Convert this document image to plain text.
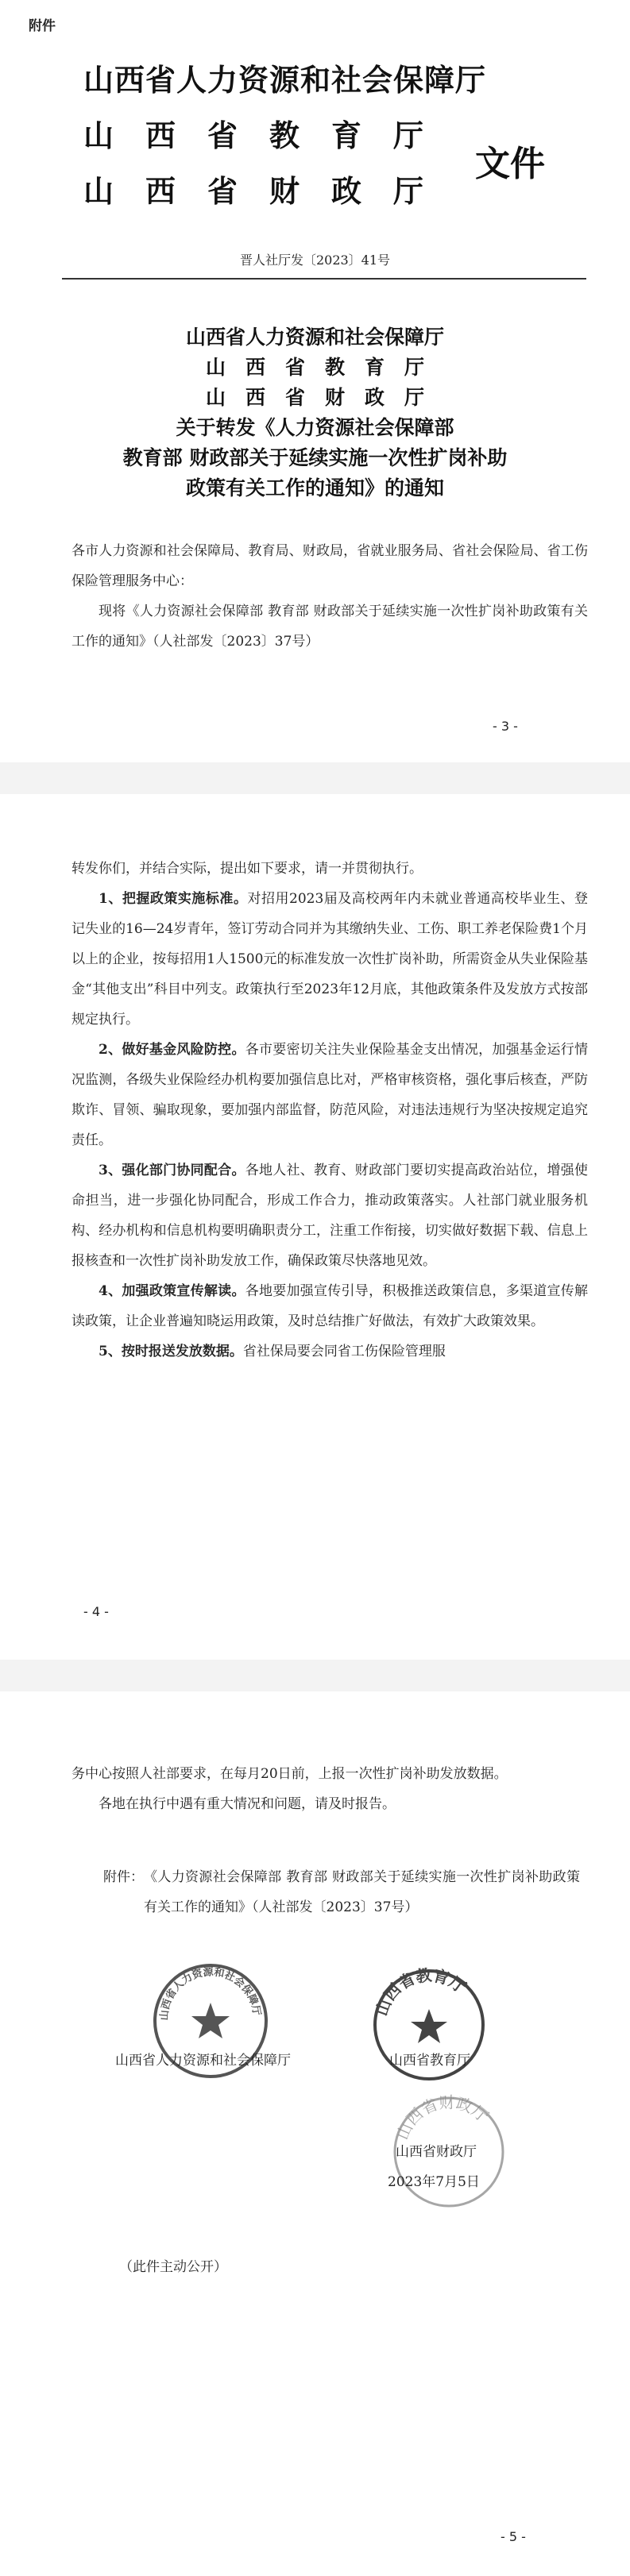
附件
山西省人力资源和社会保障厅
山　西　省　教　育　厅
山　西　省　财　政　厅
文件
晋人社厅发〔2023〕41号
山西省人力资源和社会保障厅
山　西　省　教　育　厅
山　西　省　财　政　厅
关于转发《人力资源社会保障部
教育部 财政部关于延续实施一次性扩岗补助
政策有关工作的通知》的通知

各市人力资源和社会保障局、教育局、财政局，省就业服务局、省社会保险局、省工伤保险管理服务中心：

现将《人力资源社会保障部 教育部 财政部关于延续实施一次性扩岗补助政策有关工作的通知》（人社部发〔2023〕37号）

- 3 -

转发你们，并结合实际，提出如下要求，请一并贯彻执行。

1、把握政策实施标准。对招用2023届及高校两年内未就业普通高校毕业生、登记失业的16—24岁青年，签订劳动合同并为其缴纳失业、工伤、职工养老保险费1个月以上的企业，按每招用1人1500元的标准发放一次性扩岗补助，所需资金从失业保险基金“其他支出”科目中列支。政策执行至2023年12月底，其他政策条件及发放方式按部规定执行。

2、做好基金风险防控。各市要密切关注失业保险基金支出情况，加强基金运行情况监测，各级失业保险经办机构要加强信息比对，严格审核资格，强化事后核查，严防欺诈、冒领、骗取现象，要加强内部监督，防范风险，对违法违规行为坚决按规定追究责任。

3、强化部门协同配合。各地人社、教育、财政部门要切实提高政治站位，增强使命担当，进一步强化协同配合，形成工作合力，推动政策落实。人社部门就业服务机构、经办机构和信息机构要明确职责分工，注重工作衔接，切实做好数据下载、信息上报核查和一次性扩岗补助发放工作，确保政策尽快落地见效。

4、加强政策宣传解读。各地要加强宣传引导，积极推送政策信息，多渠道宣传解读政策，让企业普遍知晓运用政策，及时总结推广好做法，有效扩大政策效果。

5、按时报送发放数据。省社保局要会同省工伤保险管理服

- 4 -

务中心按照人社部要求，在每月20日前，上报一次性扩岗补助发放数据。

各地在执行中遇有重大情况和问题，请及时报告。

附件： 《人力资源社会保障部 教育部 财政部关于延续实施一次性扩岗补助政策有关工作的通知》（人社部发〔2023〕37号）
山西省人力资源和社会保障厅	山西省教育厅
山西省财政厅
山西省人力资源和社会保障厅	山西省教育厅
山西省财政厅
2023年7月5日
（此件主动公开）
- 5 -
